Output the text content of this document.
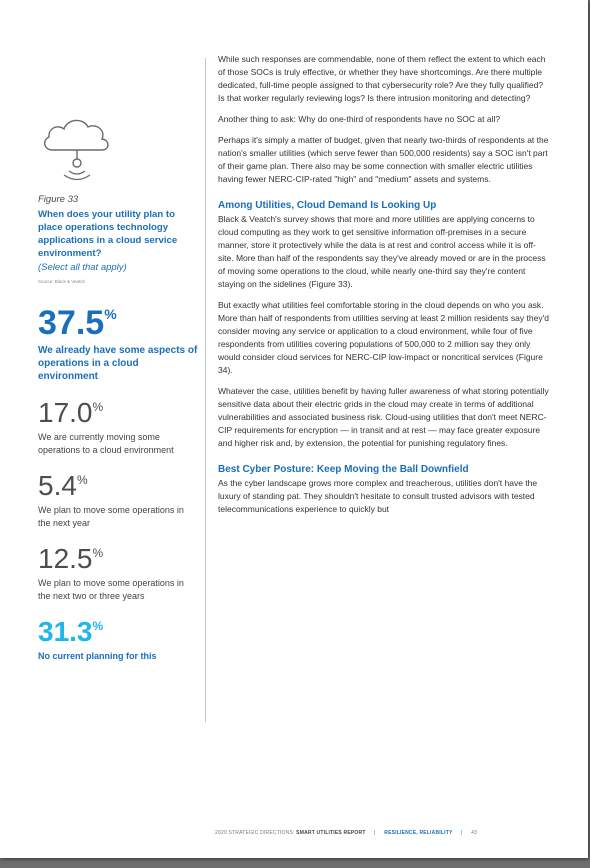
Figure 33
When does your utility plan to place operations technology applications in a cloud service environment?
(Select all that apply)
Source: Black & Veatch
37.5%
We already have some aspects of operations in a cloud environment
17.0%
We are currently moving some operations to a cloud environment
5.4%
We plan to move some operations in the next year
12.5%
We plan to move some operations in the next two or three years
31.3%
No current planning for this

While such responses are commendable, none of them reflect the extent to which each of those SOCs is truly effective, or whether they have shortcomings. Are there multiple dedicated, full-time people assigned to that cybersecurity role? Are they fully qualified? Is that worker regularly reviewing logs? Is there intrusion monitoring and detecting?

Another thing to ask: Why do one-third of respondents have no SOC at all?

Perhaps it's simply a matter of budget, given that nearly two-thirds of respondents at the nation's smaller utilities (which serve fewer than 500,000 residents) say a SOC isn't part of their game plan. There also may be some connection with smaller electric utilities having fewer NERC-CIP-rated "high" and "medium" assets and systems.

Among Utilities, Cloud Demand Is Looking Up

Black & Veatch's survey shows that more and more utilities are applying concerns to cloud computing as they work to get sensitive information off-premises in a secure manner, store it protectively while the data is at rest and control access while it is off-site. More than half of the respondents say they've already moved or are in the process of moving some operations to the cloud, while nearly one-third say they're content staying on the sidelines (Figure 33).

But exactly what utilities feel comfortable storing in the cloud depends on who you ask. More than half of respondents from utilities serving at least 2 million residents say they'd consider moving any service or application to a cloud environment, while four of five respondents from utilities covering populations of 500,000 to 2 million say they only would consider cloud services for NERC-CIP low-impact or noncritical services (Figure 34).

Whatever the case, utilities benefit by having fuller awareness of what storing potentially sensitive data about their electric grids in the cloud may create in terms of additional vulnerabilities and associated business risk. Cloud-using utilities that don't meet NERC-CIP requirements for encryption — in transit and at rest — may face greater exposure and higher risk and, by extension, the potential for punishing regulatory fines.

Best Cyber Posture: Keep Moving the Ball Downfield

As the cyber landscape grows more complex and treacherous, utilities don't have the luxury of standing pat. They shouldn't hesitate to consult trusted advisors with tested telecommunications experience to quickly but

2020 STRATEGIC DIRECTIONS: SMART UTILITIES REPORT | RESILIENCE, RELIABILITY | 43
